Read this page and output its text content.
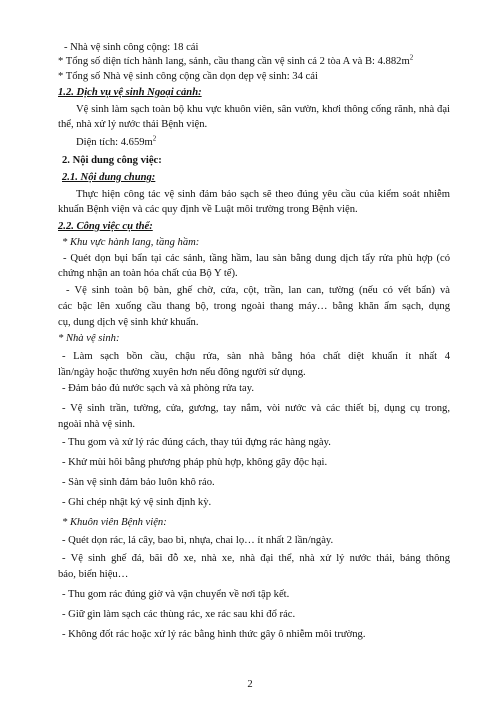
- Nhà vệ sinh công cộng: 18 cái
* Tổng số diện tích hành lang, sảnh, cầu thang cần vệ sinh cả 2 tòa A và B: $4.882m^2$
* Tổng số Nhà vệ sinh công cộng cần dọn dẹp vệ sinh: 34 cái
1.2. Dịch vụ vệ sinh Ngoại cảnh:
Vệ sinh làm sạch toàn bộ khu vực khuôn viên, sân vườn, khơi thông cống rãnh, nhà đại
thể, nhà xử lý nước thải Bệnh viện.
Diện tích: $4.659m^2$
2. Nội dung công việc:
2.1. Nội dung chung:
Thực hiện công tác vệ sinh đảm bảo sạch sẽ theo đúng yêu cầu của kiểm soát nhiễm
khuẩn Bệnh viện và các quy định về Luật môi trường trong Bệnh viện.
2.2. Công việc cụ thể:
* Khu vực hành lang, tầng hầm:
- Quét dọn bụi bẩn tại các sảnh, tầng hầm, lau sàn bằng dung dịch tẩy rửa phù hợp (có
chứng nhận an toàn hóa chất của Bộ Y tế).
- Vệ sinh toàn bộ bàn, ghế chờ, cửa, cột, trần, lan can, tường (nếu có vết bẩn) và
các bậc lên xuống cầu thang bộ, trong ngoài thang máy… bằng khăn ẩm sạch, dụng
cụ, dung dịch vệ sinh khử khuẩn.
* Nhà vệ sinh:
- Làm sạch bồn cầu, chậu rửa, sàn nhà bằng hóa chất diệt khuẩn ít nhất 4
lần/ngày hoặc thường xuyên hơn nếu đông người sử dụng.
- Đảm bảo đủ nước sạch và xà phòng rửa tay.
- Vệ sinh trần, tường, cửa, gương, tay nắm, vòi nước và các thiết bị, dụng cụ trong,
ngoài nhà vệ sinh.
- Thu gom và xử lý rác đúng cách, thay túi đựng rác hàng ngày.
- Khử mùi hôi bằng phương pháp phù hợp, không gây độc hại.
- Sàn vệ sinh đảm bảo luôn khô ráo.
- Ghi chép nhật ký vệ sinh định kỳ.
* Khuôn viên Bệnh viện:
- Quét dọn rác, lá cây, bao bì, nhựa, chai lọ… ít nhất 2 lần/ngày.
- Vệ sinh ghế đá, bãi đỗ xe, nhà xe, nhà đại thể, nhà xử lý nước thải, bảng thông
báo, biển hiệu…
- Thu gom rác đúng giờ và vận chuyển về nơi tập kết.
- Giữ gìn làm sạch các thùng rác, xe rác sau khi đổ rác.
- Không đốt rác hoặc xử lý rác bằng hình thức gây ô nhiễm môi trường.
2
